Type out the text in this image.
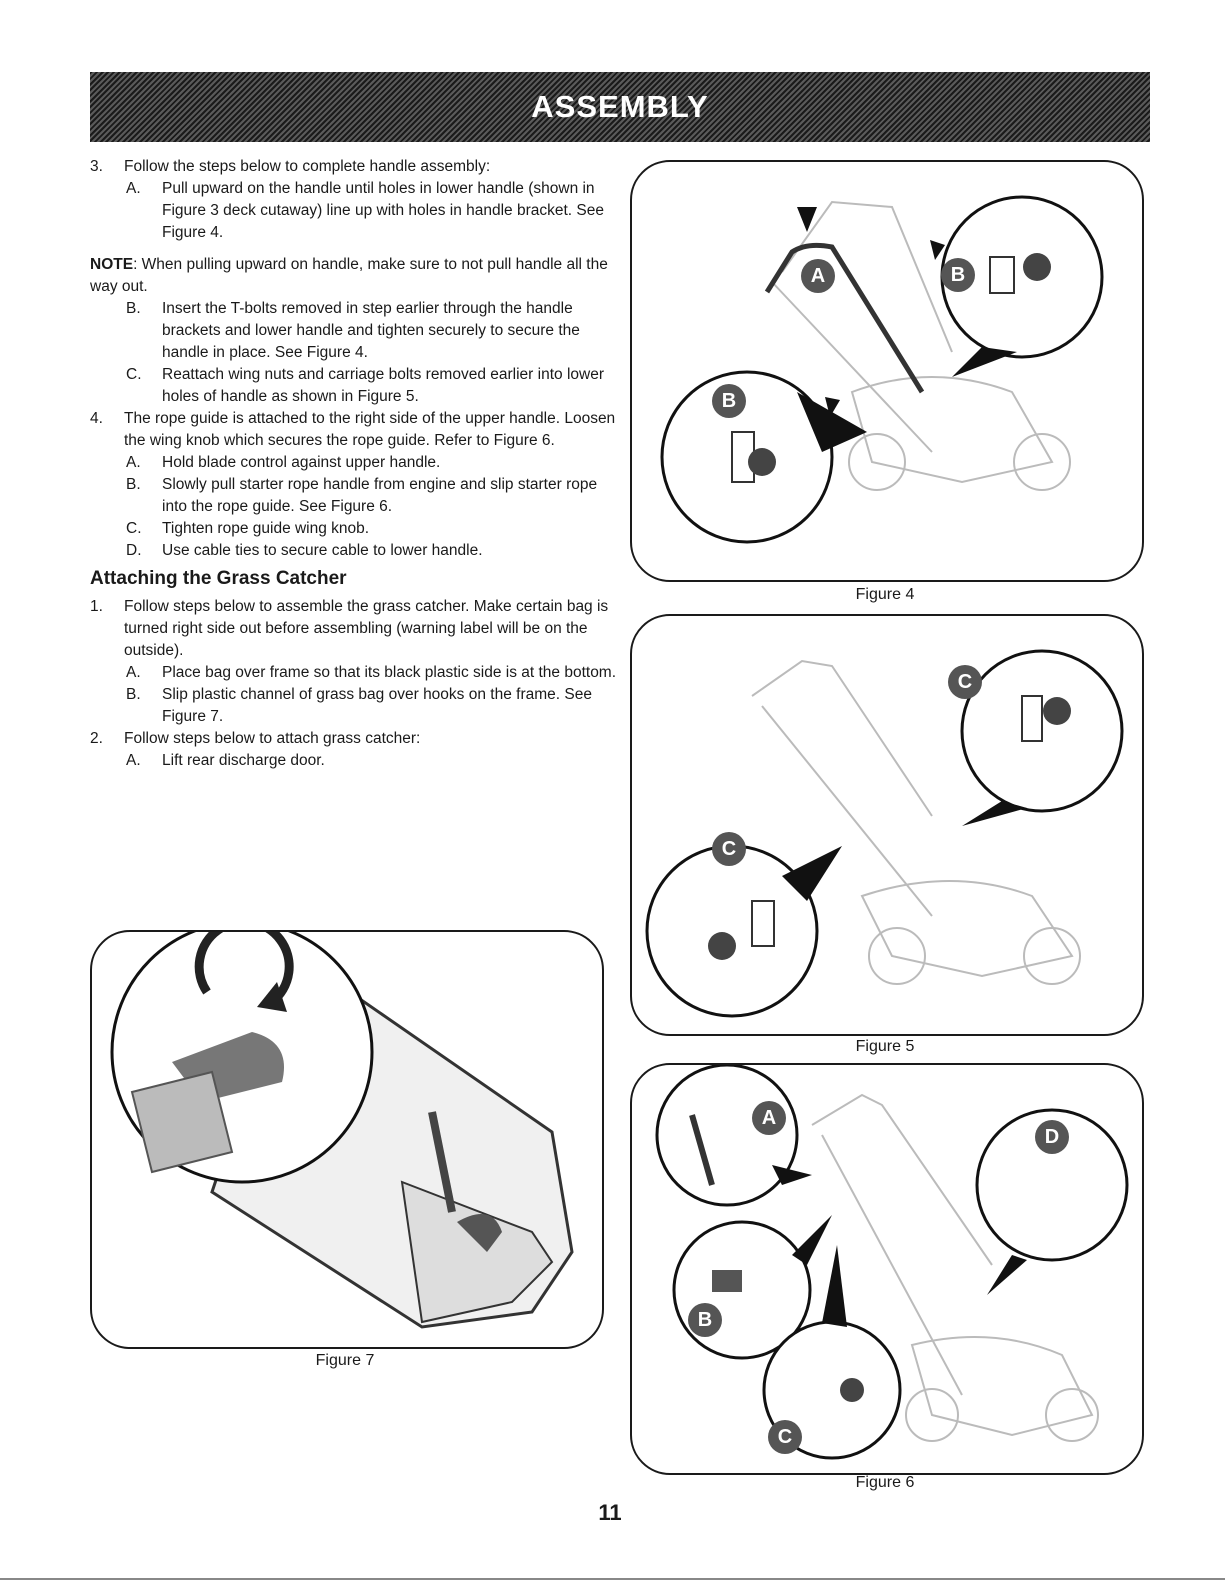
ASSEMBLY
3. Follow the steps below to complete handle assembly:
A. Pull upward on the handle until holes in lower handle (shown in Figure 3 deck cutaway) line up with holes in handle bracket. See Figure 4.
NOTE: When pulling upward on handle, make sure to not pull handle all the way out.
B. Insert the T-bolts removed in step earlier through the handle brackets and lower handle and tighten securely to secure the handle in place. See Figure 4.
C. Reattach wing nuts and carriage bolts removed earlier into lower holes of handle as shown in Figure 5.
4. The rope guide is attached to the right side of the upper handle. Loosen the wing knob which secures the rope guide. Refer to Figure 6.
A. Hold blade control against upper handle.
B. Slowly pull starter rope handle from engine and slip starter rope into the rope guide. See Figure 6.
C. Tighten rope guide wing knob.
D. Use cable ties to secure cable to lower handle.
Attaching the Grass Catcher
1. Follow steps below to assemble the grass catcher. Make certain bag is turned right side out before assembling (warning label will be on the outside).
A. Place bag over frame so that its black plastic side is at the bottom.
B. Slip plastic channel of grass bag over hooks on the frame. See Figure 7.
2. Follow steps below to attach grass catcher:
A. Lift rear discharge door.
A	B
B
Figure 4
C
C
Figure 5
A
D
B
C
Figure 6
Figure 7
11
